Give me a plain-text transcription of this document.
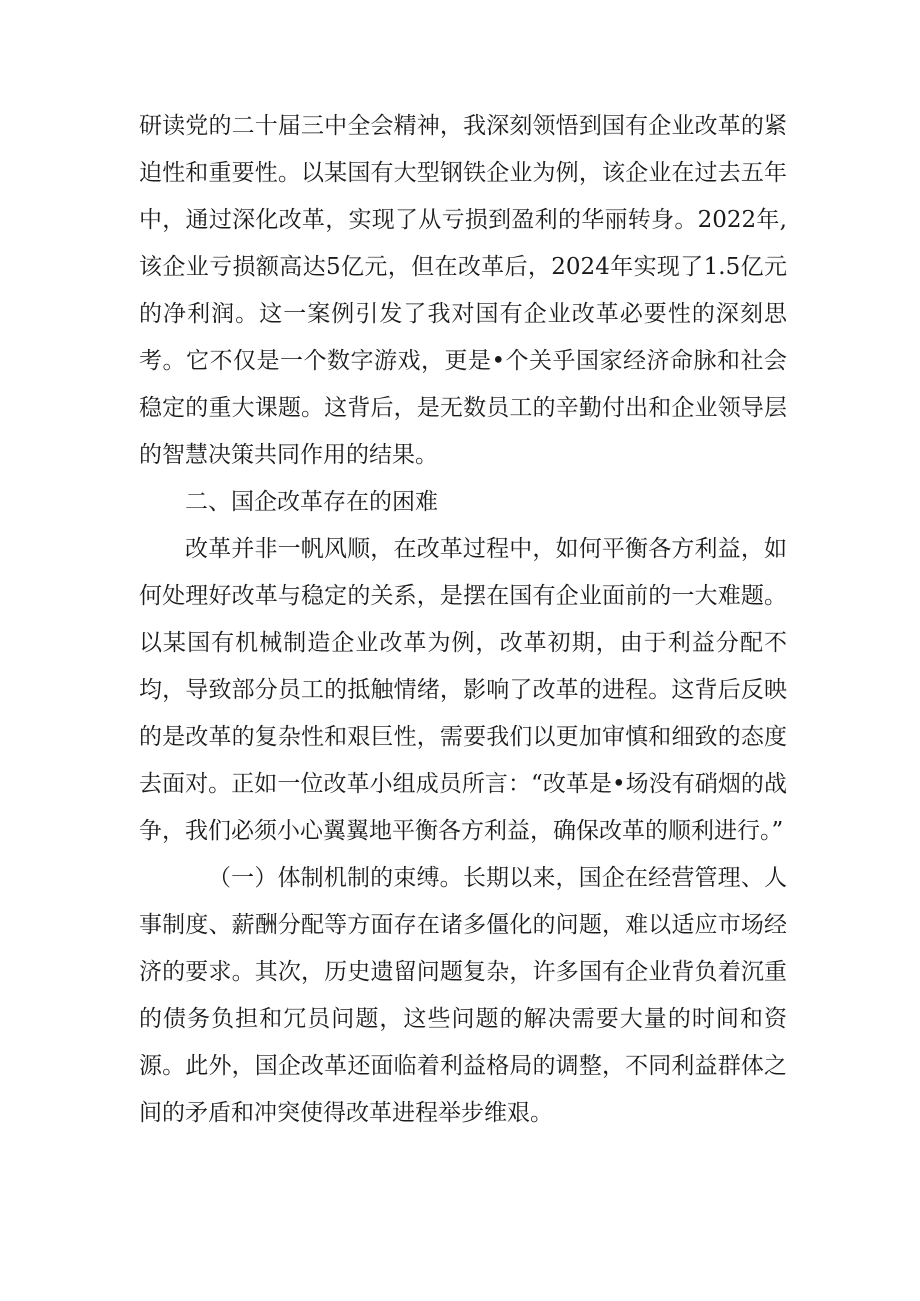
研读党的二十届三中全会精神，我深刻领悟到国有企业改革的紧迫性和重要性。以某国有大型钢铁企业为例，该企业在过去五年中，通过深化改革，实现了从亏损到盈利的华丽转身。2022年,该企业亏损额高达5亿元，但在改革后，2024年实现了1.5亿元的净利润。这一案例引发了我对国有企业改革必要性的深刻思考。它不仅是一个数字游戏，更是•个关乎国家经济命脉和社会稳定的重大课题。这背后，是无数员工的辛勤付出和企业领导层的智慧决策共同作用的结果。

二、国企改革存在的困难

改革并非一帆风顺，在改革过程中，如何平衡各方利益，如何处理好改革与稳定的关系，是摆在国有企业面前的一大难题。以某国有机械制造企业改革为例，改革初期，由于利益分配不均，导致部分员工的抵触情绪，影响了改革的进程。这背后反映的是改革的复杂性和艰巨性，需要我们以更加审慎和细致的态度去面对。正如一位改革小组成员所言：“改革是•场没有硝烟的战争，我们必须小心翼翼地平衡各方利益，确保改革的顺利进行。”

（一）体制机制的束缚。长期以来，国企在经营管理、人事制度、薪酬分配等方面存在诸多僵化的问题，难以适应市场经济的要求。其次，历史遗留问题复杂，许多国有企业背负着沉重的债务负担和冗员问题，这些问题的解决需要大量的时间和资源。此外，国企改革还面临着利益格局的调整，不同利益群体之间的矛盾和冲突使得改革进程举步维艰。
